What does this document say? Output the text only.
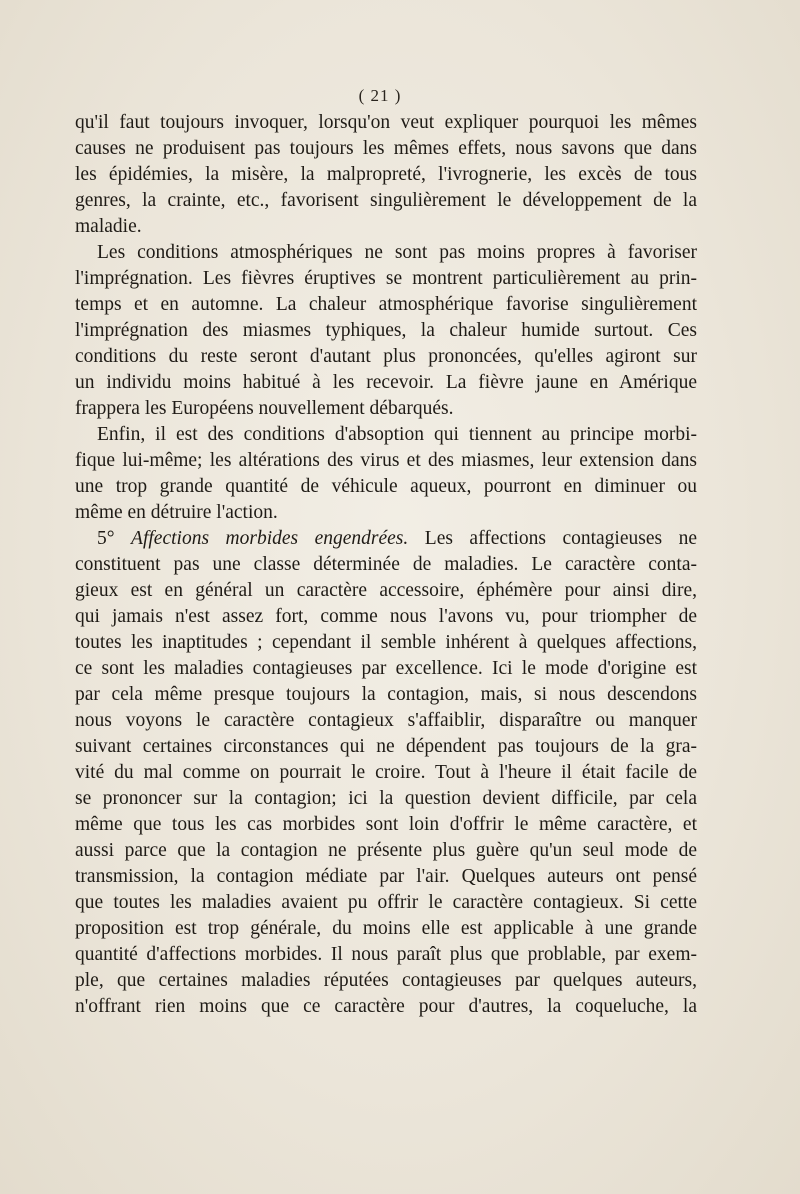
( 21 )
qu'il faut toujours invoquer, lorsqu'on veut expliquer pourquoi les mêmes
causes ne produisent pas toujours les mêmes effets, nous savons que dans
les épidémies, la misère, la malpropreté, l'ivrognerie, les excès de tous
genres, la crainte, etc., favorisent singulièrement le développement de la
maladie.
Les conditions atmosphériques ne sont pas moins propres à favoriser
l'imprégnation. Les fièvres éruptives se montrent particulièrement au prin-
temps et en automne. La chaleur atmosphérique favorise singulièrement
l'imprégnation des miasmes typhiques, la chaleur humide surtout. Ces
conditions du reste seront d'autant plus prononcées, qu'elles agiront sur
un individu moins habitué à les recevoir. La fièvre jaune en Amérique
frappera les Européens nouvellement débarqués.
Enfin, il est des conditions d'absoption qui tiennent au principe morbi-
fique lui-même; les altérations des virus et des miasmes, leur extension dans
une trop grande quantité de véhicule aqueux, pourront en diminuer ou
même en détruire l'action.
5° Affections morbides engendrées. Les affections contagieuses ne
constituent pas une classe déterminée de maladies. Le caractère conta-
gieux est en général un caractère accessoire, éphémère pour ainsi dire,
qui jamais n'est assez fort, comme nous l'avons vu, pour triompher de
toutes les inaptitudes ; cependant il semble inhérent à quelques affections,
ce sont les maladies contagieuses par excellence. Ici le mode d'origine est
par cela même presque toujours la contagion, mais, si nous descendons
nous voyons le caractère contagieux s'affaiblir, disparaître ou manquer
suivant certaines circonstances qui ne dépendent pas toujours de la gra-
vité du mal comme on pourrait le croire. Tout à l'heure il était facile de
se prononcer sur la contagion; ici la question devient difficile, par cela
même que tous les cas morbides sont loin d'offrir le même caractère, et
aussi parce que la contagion ne présente plus guère qu'un seul mode de
transmission, la contagion médiate par l'air. Quelques auteurs ont pensé
que toutes les maladies avaient pu offrir le caractère contagieux. Si cette
proposition est trop générale, du moins elle est applicable à une grande
quantité d'affections morbides. Il nous paraît plus que problable, par exem-
ple, que certaines maladies réputées contagieuses par quelques auteurs,
n'offrant rien moins que ce caractère pour d'autres, la coqueluche, la
